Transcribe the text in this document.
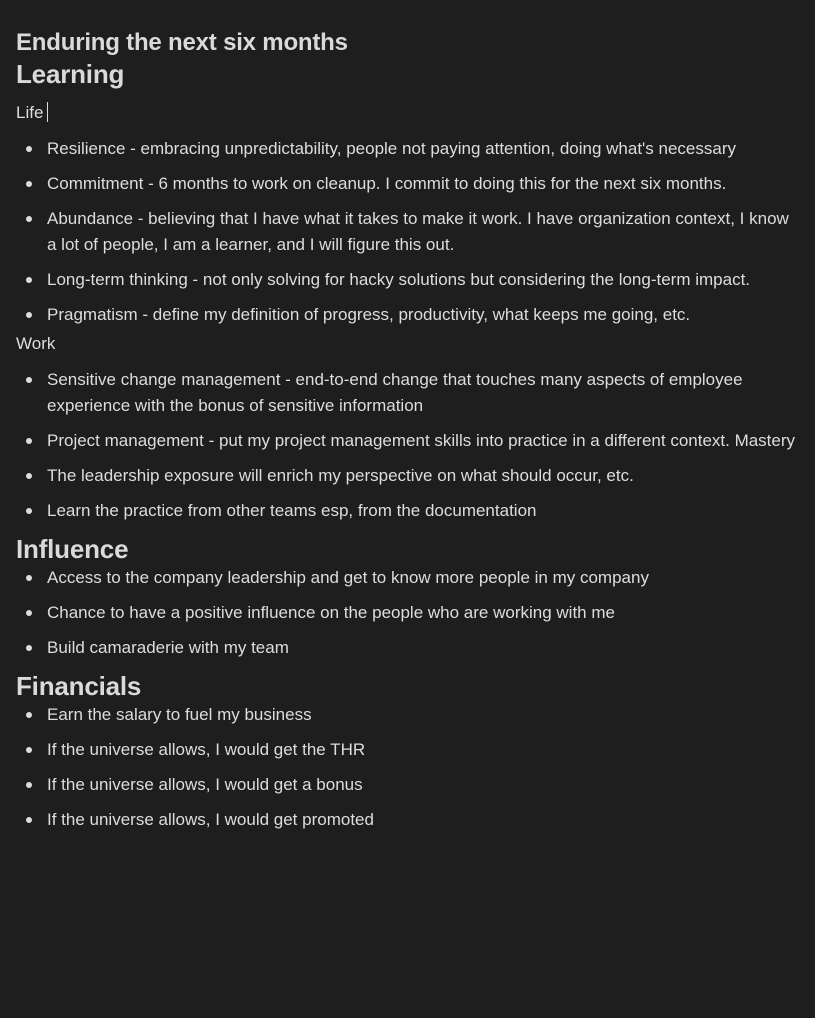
Enduring the next six months
Learning

Life

Resilience - embracing unpredictability, people not paying attention, doing what's necessary
Commitment - 6 months to work on cleanup. I commit to doing this for the next six months.
Abundance - believing that I have what it takes to make it work. I have organization context, I know a lot of people, I am a learner, and I will figure this out.
Long-term thinking - not only solving for hacky solutions but considering the long-term impact.
Pragmatism - define my definition of progress, productivity, what keeps me going, etc.

Work

Sensitive change management - end-to-end change that touches many aspects of employee experience with the bonus of sensitive information
Project management - put my project management skills into practice in a different context. Mastery
The leadership exposure will enrich my perspective on what should occur, etc.
Learn the practice from other teams esp, from the documentation
Influence
Access to the company leadership and get to know more people in my company
Chance to have a positive influence on the people who are working with me
Build camaraderie with my team
Financials
Earn the salary to fuel my business
If the universe allows, I would get the THR
If the universe allows, I would get a bonus
If the universe allows, I would get promoted
